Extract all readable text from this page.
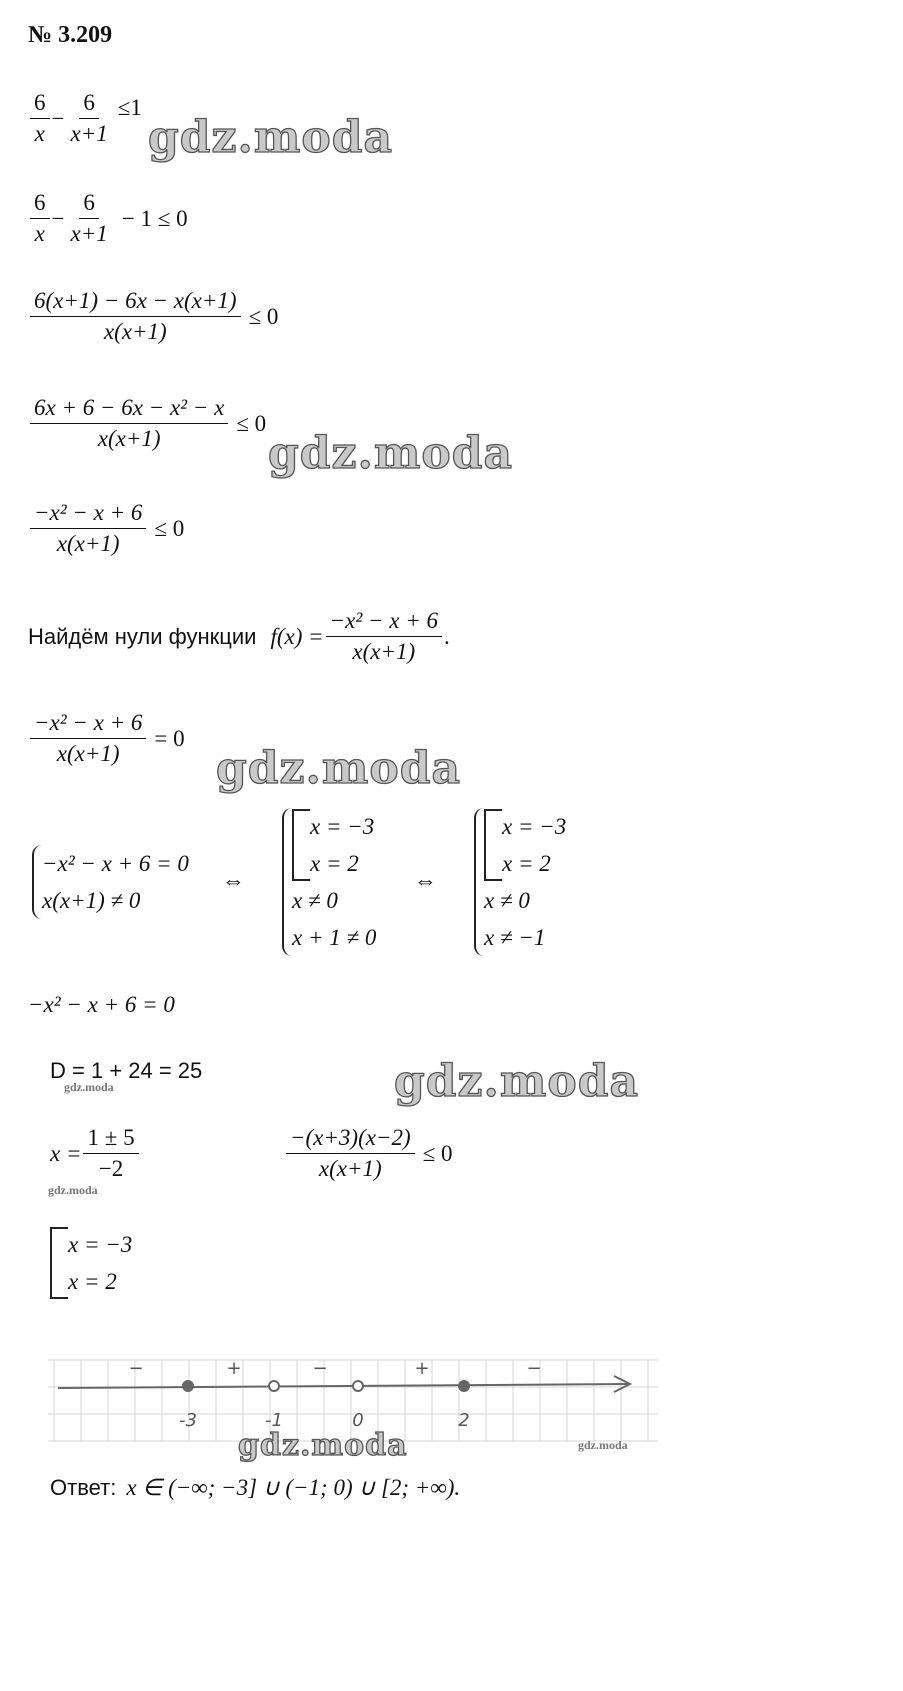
№ 3.209
$\frac{6}{x} - \frac{6}{x+1} \le 1$
$\frac{6}{x} - \frac{6}{x+1} - 1 \le 0$
$\frac{6(x+1) - 6x - x(x+1)}{x(x+1)} \le 0$
$\frac{\text{6x + 6 − 6x − x² − x}}{x(x+1)} \le 0$
$\frac{\text{−x² − x + 6}}{x(x+1)} \le 0$
Найдём нули функции $f(x) = \frac{\text{−x² − x + 6}}{x(x+1)}$ .
$\frac{\text{−x² − x + 6}}{x(x+1)} = 0$
−x² − x + 6 = 0
x(x+1) ≠ 0
⇔
x = −3
x = 2
x ≠ 0
x + 1 ≠ 0
⇔
x = −3
x = 2
x ≠ 0
x ≠ −1
−x² − x + 6 = 0
D = 1 + 24 = 25
$x = \frac{1 \pm 5}{-2}$	$\frac{-(x+3)(x-2)}{x(x+1)} \le 0$
x = −3
x = 2
-3	-1	0	2
−	+	−	+	−
Ответ: x ∈ (−∞; −3] ∪ (−1; 0) ∪ [2; +∞).
gdz.moda
gdz.moda
gdz.moda
gdz.moda
gdz.moda
gdz.moda
gdz.moda
gdz.moda
